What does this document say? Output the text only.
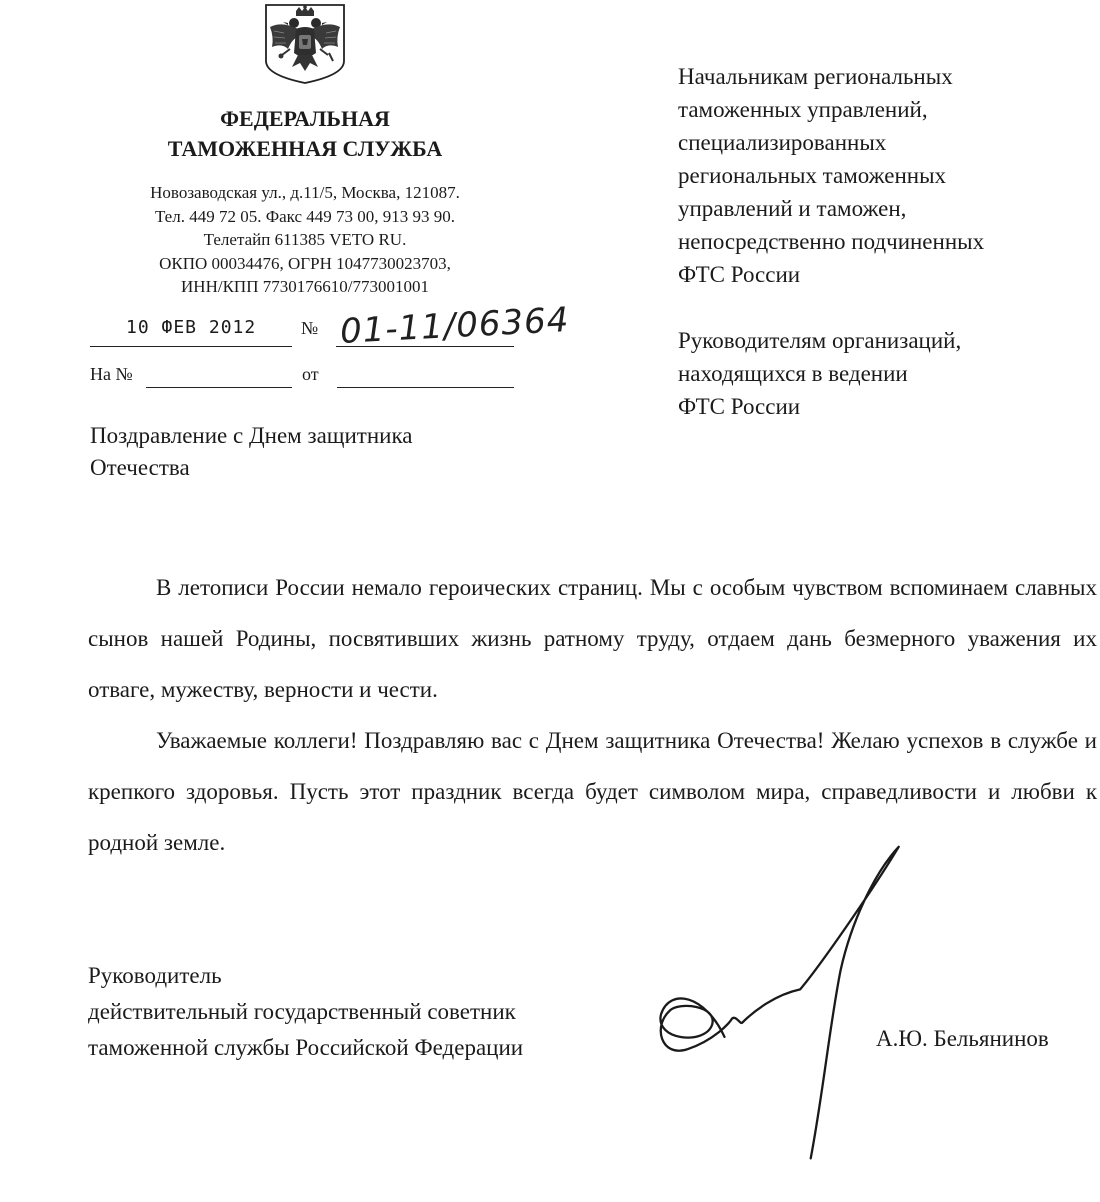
ФЕДЕРАЛЬНАЯ
ТАМОЖЕННАЯ СЛУЖБА
Новозаводская ул., д.11/5, Москва, 121087.
Тел. 449 72 05. Факс 449 73 00, 913 93 90.
Телетайп 611385 VETO RU.
ОКПО 00034476, ОГРН 1047730023703,
ИНН/КПП 7730176610/773001001
10 ФЕВ 2012 № 01-11/06364
На №	от
Поздравление с Днем защитника
Отечества

Начальникам региональных
таможенных управлений,
специализированных
региональных таможенных
управлений и таможен,
непосредственно подчиненных
ФТС России

Руководителям организаций,
находящихся в ведении
ФТС России

В летописи России немало героических страниц. Мы с особым чувством вспоминаем славных сынов нашей Родины, посвятивших жизнь ратному труду, отдаем дань безмерного уважения их отваге, мужеству, верности и чести.

Уважаемые коллеги! Поздравляю вас с Днем защитника Отечества! Желаю успехов в службе и крепкого здоровья. Пусть этот праздник всегда будет символом мира, справедливости и любви к родной земле.

Руководитель
действительный государственный советник
таможенной службы Российской Федерации	А.Ю. Бельянинов
